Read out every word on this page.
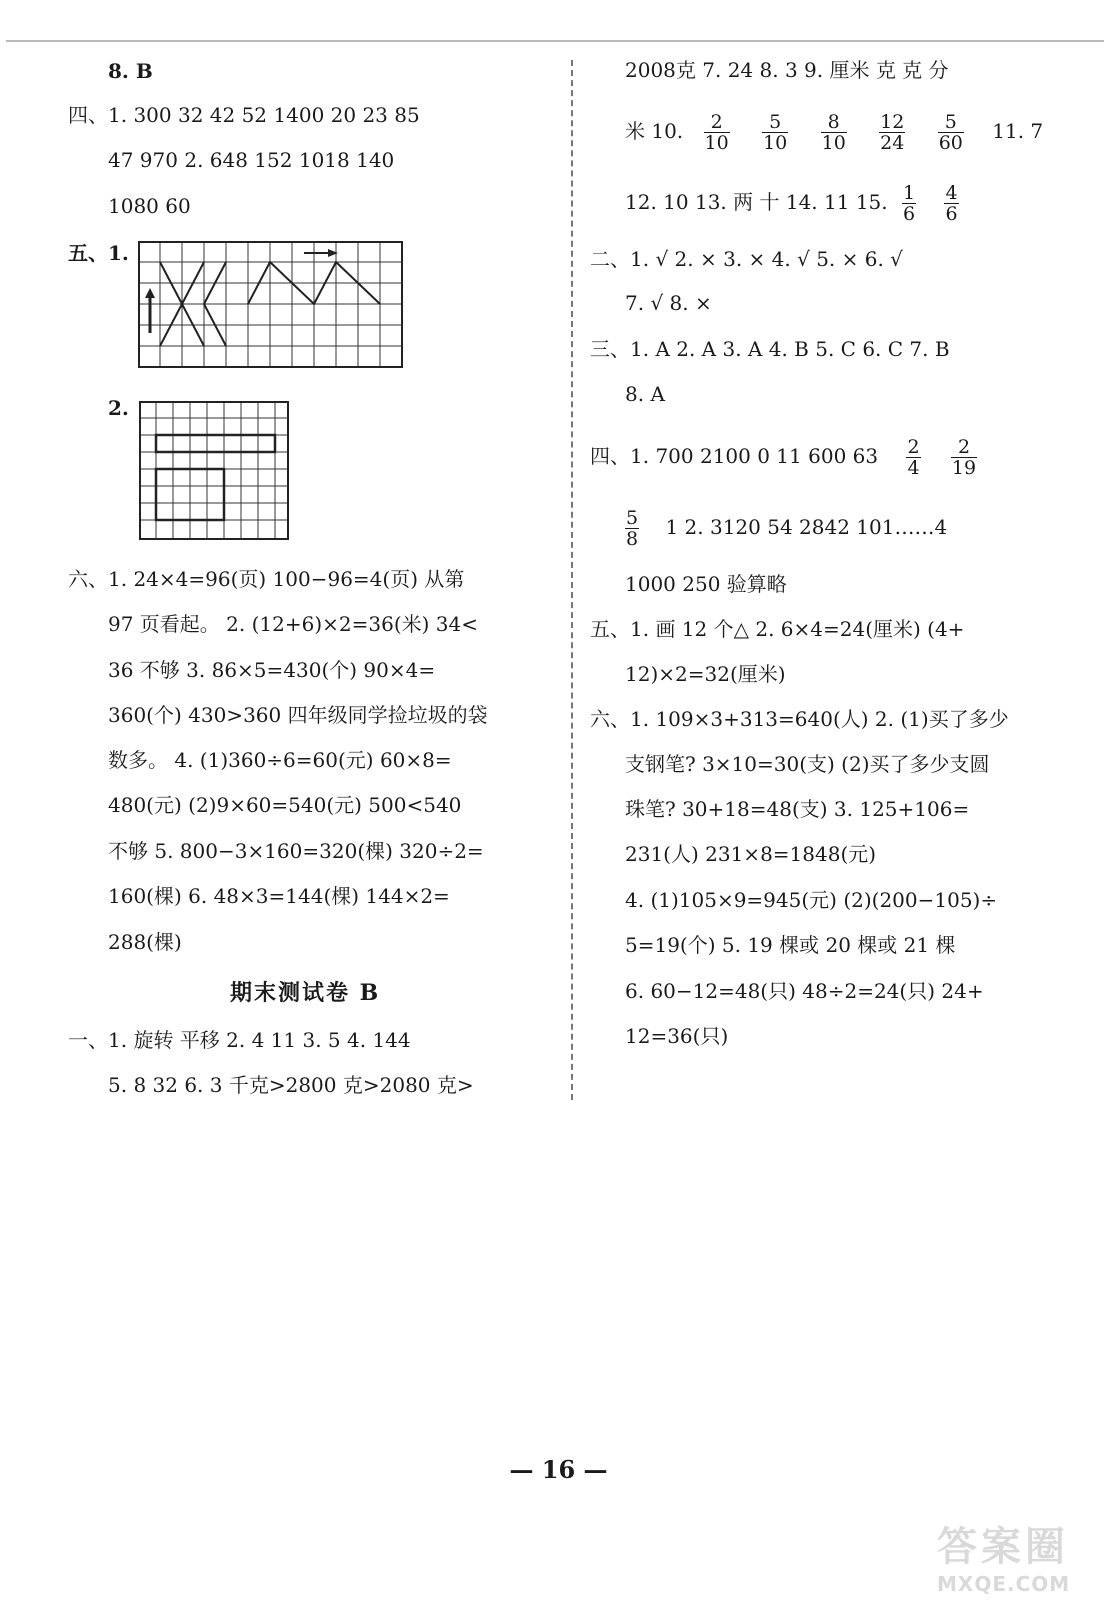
8. B
四、1. 300 32 42 52 1400 20 23 85
47 970 2. 648 152 1018 140
1080 60
五、1.
2.
六、1. 24×4=96(页) 100−96=4(页) 从第
97 页看起。 2. (12+6)×2=36(米) 34<
36 不够 3. 86×5=430(个) 90×4=
360(个) 430>360 四年级同学捡垃圾的袋
数多。 4. (1)360÷6=60(元) 60×8=
480(元) (2)9×60=540(元) 500<540
不够 5. 800−3×160=320(棵) 320÷2=
160(棵) 6. 48×3=144(棵) 144×2=
288(棵)
期末测试卷 B
一、1. 旋转 平移 2. 4 11 3. 5 4. 144
5. 8 32 6. 3 千克>2800 克>2080 克>
2008克 7. 24 8. 3 9. 厘米 克 克 分
米 10. $\frac{2}{10}$
$\frac{5}{10}$
$\frac{8}{10}$
$\frac{12}{24}$
$\frac{5}{60} 11$. 7
12. 10 13. 两 十 14. 11 15. $\frac{1}{6}$
$\frac{4}{6}$
二、1. √ 2. × 3. × 4. √ 5. × 6. √
7. √ 8. ×
三、1. A 2. A 3. A 4. B 5. C 6. C 7. B
8. A
四、1. 700 2100 0 11 600 $63 \frac{2}{4}$
$\frac{2}{19}$
$\frac{5}{8} 1$ 2. 3120 54 2842 101……4
1000 250 验算略
五、1. 画 12 个△ 2. 6×4=24(厘米) (4+
12)×2=32(厘米)
六、1. 109×3+313=640(人) 2. (1)买了多少
支钢笔? 3×10=30(支) (2)买了多少支圆
珠笔? 30+18=48(支) 3. 125+106=
231(人) 231×8=1848(元)
4. (1)105×9=945(元) (2)(200−105)÷
5=19(个) 5. 19 棵或 20 棵或 21 棵
6. 60−12=48(只) 48÷2=24(只) 24+
12=36(只)
— 16 —
答案圈
MXQE.COM
